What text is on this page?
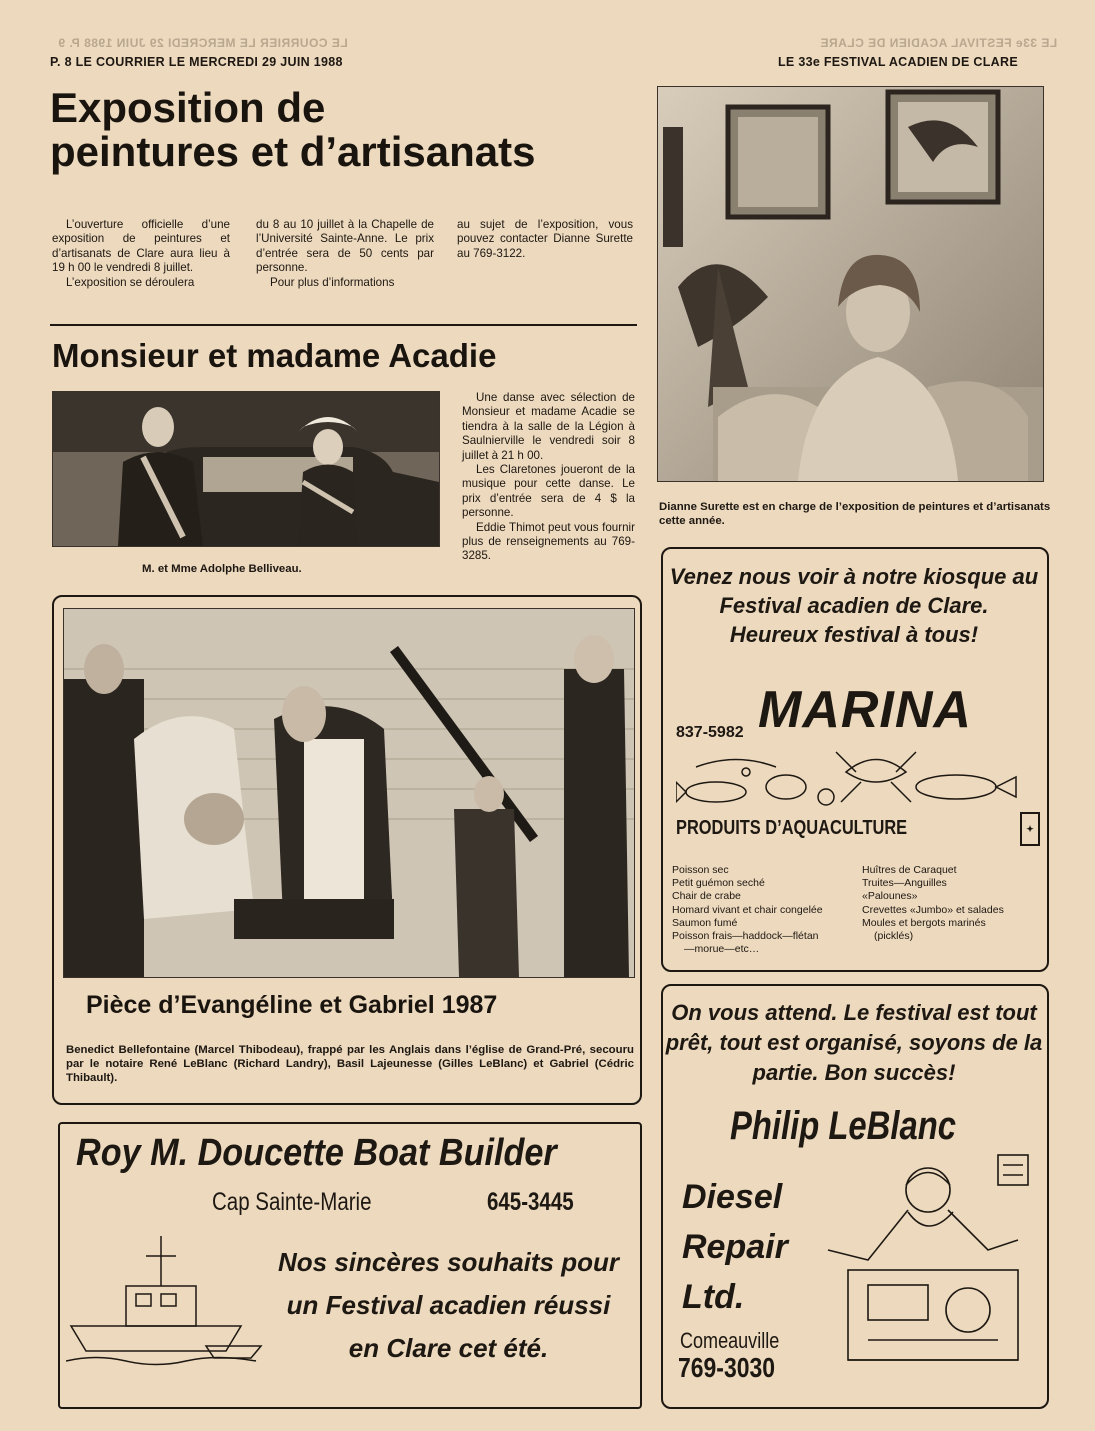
LE COURRIER LE MERCREDI 29 JUIN 1988 P. 9	LE 33e FESTIVAL ACADIEN DE CLARE
P. 8 LE COURRIER LE MERCREDI 29 JUIN 1988	LE 33e FESTIVAL ACADIEN DE CLARE
Exposition de
peintures et d’artisanats

L’ouverture officielle d’une exposition de peintures et d’artisanats de Clare aura lieu à 19 h 00 le vendredi 8 juillet.

L’exposition se déroulera

du 8 au 10 juillet à la Chapelle de l’Université Sainte-Anne. Le prix d’entrée sera de 50 cents par personne.

Pour plus d’informations

au sujet de l’exposition, vous pouvez contacter Dianne Surette au 769-3122.

Dianne Surette est en charge de l’exposition de peintures et d’artisanats cette année.
Monsieur et madame Acadie
M. et Mme Adolphe Belliveau.

Une danse avec sélection de Monsieur et madame Acadie se tiendra à la salle de la Légion à Saulnierville le vendredi soir 8 juillet à 21 h 00.

Les Claretones joueront de la musique pour cette danse. Le prix d’entrée sera de 4 $ la personne.

Eddie Thimot peut vous fournir plus de renseignements au 769-3285.

Pièce d’Evangéline et Gabriel 1987
Benedict Bellefontaine (Marcel Thibodeau), frappé par les Anglais dans l’église de Grand-Pré, secouru par le notaire René LeBlanc (Richard Landry), Basil Lajeunesse (Gilles LeBlanc) et Gabriel (Cédric Thibault).
Venez nous voir à notre kiosque au
Festival acadien de Clare.
Heureux festival à tous!
837-5982 MARINA
PRODUITS D’AQUACULTURE	✦
Poisson sec
Petit guémon seché
Chair de crabe
Homard vivant et chair congelée
Saumon fumé
Poisson frais—haddock—flétan
—morue—etc…
Huîtres de Caraquet
Truites—Anguilles
«Palounes»
Crevettes «Jumbo» et salades
Moules et bergots marinés
(picklés)
Roy M. Doucette Boat Builder
Cap Sainte-Marie	645-3445
Nos sincères souhaits pour
un Festival acadien réussi
en Clare cet été.
On vous attend. Le festival est tout
prêt, tout est organisé, soyons de la
partie. Bon succès!
Philip LeBlanc
Diesel
Repair
Ltd.
Comeauville
769-3030
